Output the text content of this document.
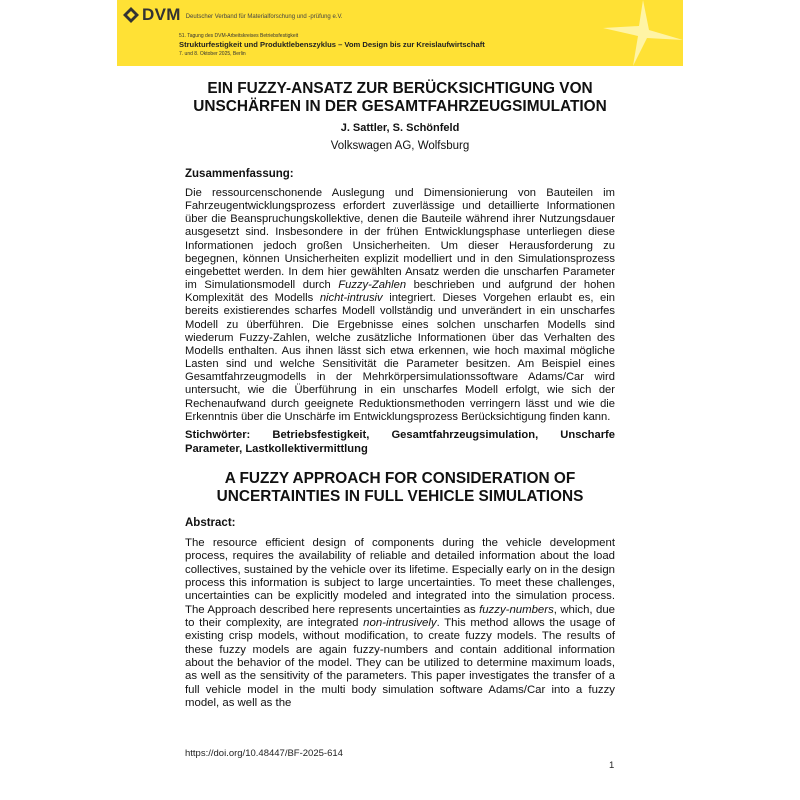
DVM Deutscher Verband für Materialforschung und -prüfung e.V.
51. Tagung des DVM-Arbeitskreises Betriebsfestigkeit
Strukturfestigkeit und Produktlebenszyklus – Vom Design bis zur Kreislaufwirtschaft
7. und 8. Oktober 2025, Berlin
EIN FUZZY-ANSATZ ZUR BERÜCKSICHTIGUNG VON
UNSCHÄRFEN IN DER GESAMTFAHRZEUGSIMULATION
J. Sattler, S. Schönfeld
Volkswagen AG, Wolfsburg
Zusammenfassung:
Die ressourcenschonende Auslegung und Dimensionierung von Bauteilen im Fahrzeugentwicklungsprozess erfordert zuverlässige und detaillierte Informationen über die Beanspruchungskollektive, denen die Bauteile während ihrer Nutzungsdauer ausgesetzt sind. Insbesondere in der frühen Entwicklungsphase unterliegen diese Informationen jedoch großen Unsicherheiten. Um dieser Herausforderung zu begegnen, können Unsicherheiten explizit modelliert und in den Simulationsprozess eingebettet werden. In dem hier gewählten Ansatz werden die unscharfen Parameter im Simulationsmodell durch Fuzzy-Zahlen beschrieben und aufgrund der hohen Komplexität des Modells nicht-intrusiv integriert. Dieses Vorgehen erlaubt es, ein bereits existierendes scharfes Modell vollständig und unverändert in ein unscharfes Modell zu überführen. Die Ergebnisse eines solchen unscharfen Modells sind wiederum Fuzzy-Zahlen, welche zusätzliche Informationen über das Verhalten des Modells enthalten. Aus ihnen lässt sich etwa erkennen, wie hoch maximal mögliche Lasten sind und welche Sensitivität die Parameter besitzen. Am Beispiel eines Gesamtfahrzeugmodells in der Mehrkörpersimulationssoftware Adams/Car wird untersucht, wie die Überführung in ein unscharfes Modell erfolgt, wie sich der Rechenaufwand durch geeignete Reduktionsmethoden verringern lässt und wie die Erkenntnis über die Unschärfe im Entwicklungsprozess Berücksichtigung finden kann.
Stichwörter: Betriebsfestigkeit, Gesamtfahrzeugsimulation, Unscharfe Parameter, Lastkollektivermittlung
A FUZZY APPROACH FOR CONSIDERATION OF
UNCERTAINTIES IN FULL VEHICLE SIMULATIONS
Abstract:
The resource efficient design of components during the vehicle development process, requires the availability of reliable and detailed information about the load collectives, sustained by the vehicle over its lifetime. Especially early on in the design process this information is subject to large uncertainties. To meet these challenges, uncertainties can be explicitly modeled and integrated into the simulation process. The Approach described here represents uncertainties as fuzzy-numbers, which, due to their complexity, are integrated non-intrusively. This method allows the usage of existing crisp models, without modification, to create fuzzy models. The results of these fuzzy models are again fuzzy-numbers and contain additional information about the behavior of the model. They can be utilized to determine maximum loads, as well as the sensitivity of the parameters. This paper investigates the transfer of a full vehicle model in the multi body simulation software Adams/Car into a fuzzy model, as well as the
https://doi.org/10.48447/BF-2025-614
1
